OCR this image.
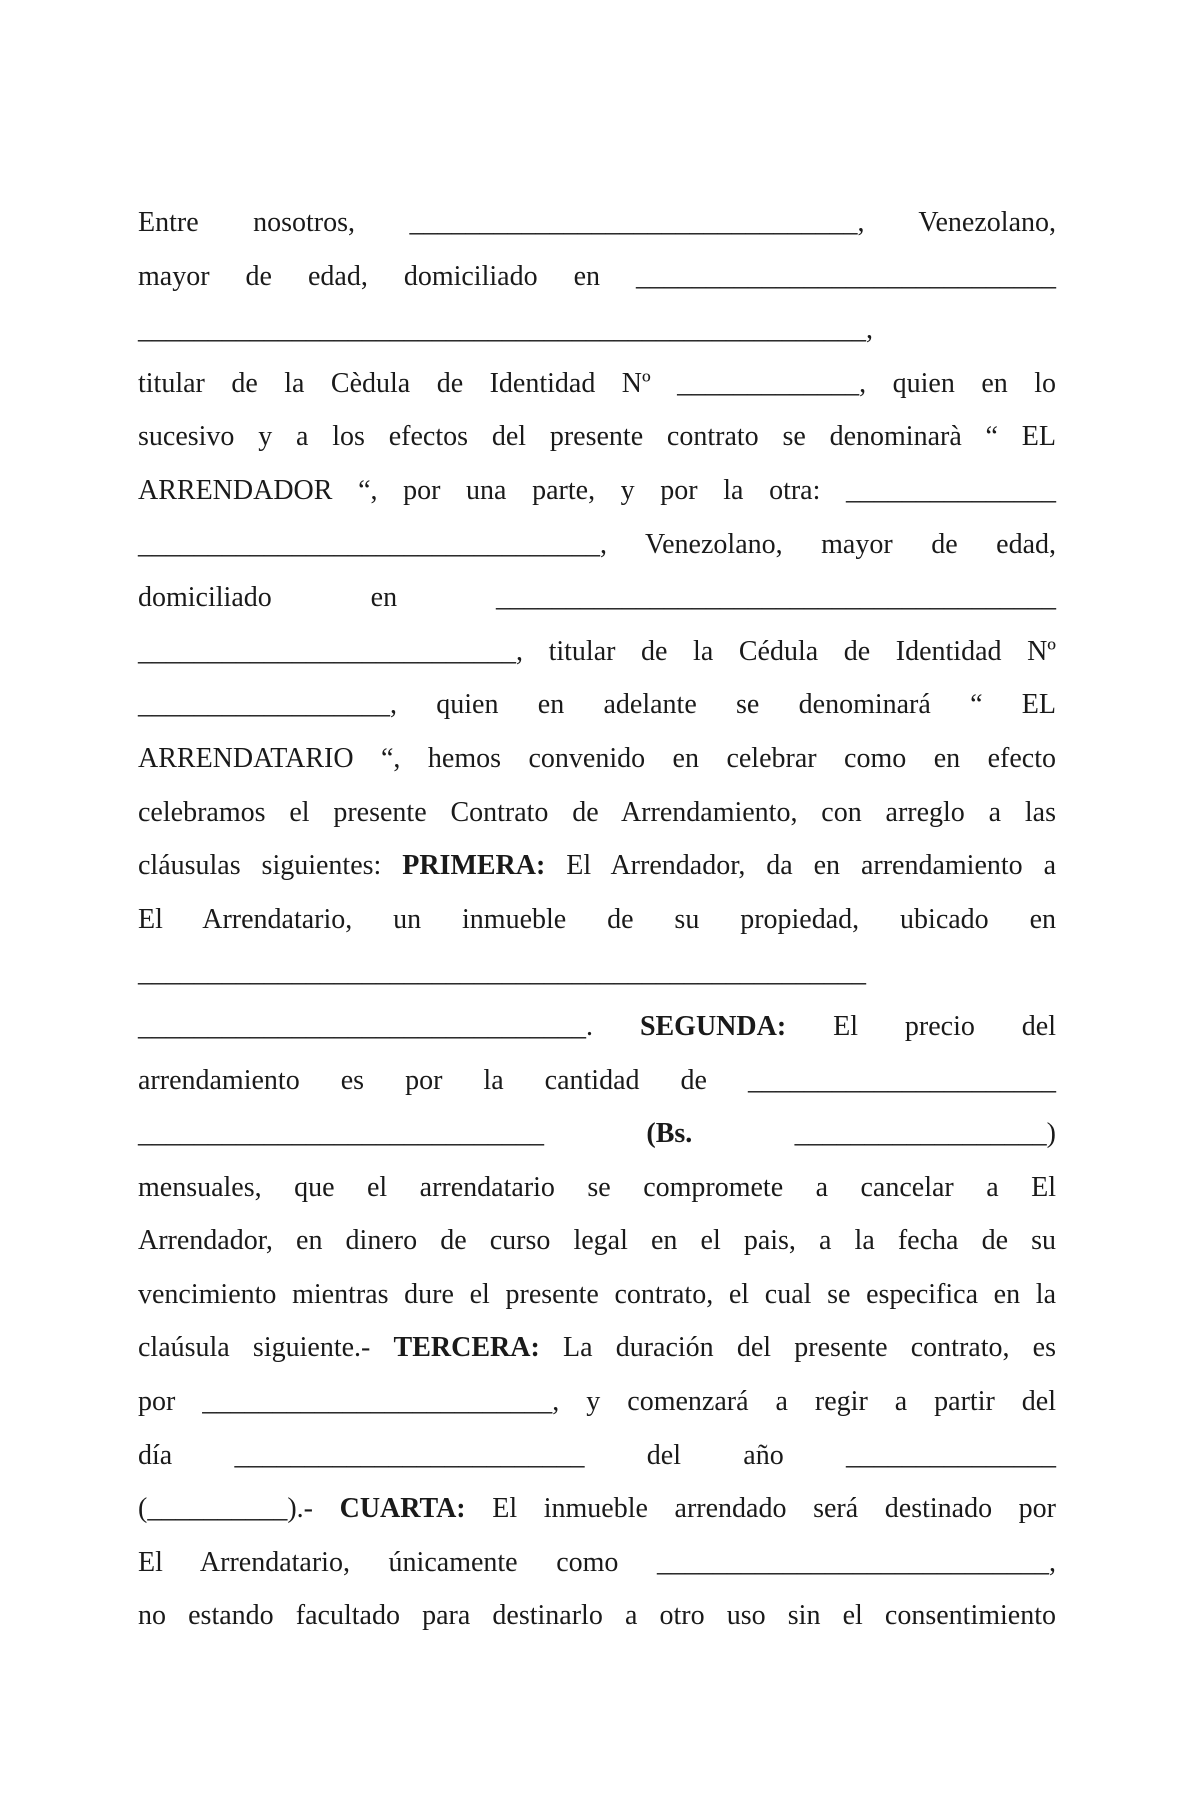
Entre nosotros, ________________________________, Venezolano,
mayor de edad, domiciliado en ______________________________
____________________________________________________,
titular de la Cèdula de Identidad Nº _____________, quien en lo
sucesivo y a los efectos del presente contrato se denominarà “ EL
ARRENDADOR “, por una parte, y por la otra: _______________
_________________________________, Venezolano, mayor de edad,
domiciliado en ________________________________________
___________________________, titular de la Cédula de Identidad Nº
__________________, quien en adelante se denominará “ EL
ARRENDATARIO “, hemos convenido en celebrar como en efecto
celebramos el presente Contrato de Arrendamiento, con arreglo a las
cláusulas siguientes: PRIMERA: El Arrendador, da en arrendamiento a
El Arrendatario, un inmueble de su propiedad, ubicado en
____________________________________________________
________________________________. SEGUNDA: El precio del
arrendamiento es por la cantidad de ______________________
_____________________________ (Bs. __________________)
mensuales, que el arrendatario se compromete a cancelar a El
Arrendador, en dinero de curso legal en el pais, a la fecha de su
vencimiento mientras dure el presente contrato, el cual se especifica en la
claúsula siguiente.- TERCERA: La duración del presente contrato, es
por _________________________, y comenzará a regir a partir del
día _________________________ del año _______________
(__________).- CUARTA: El inmueble arrendado será destinado por
El Arrendatario, únicamente como ____________________________,
no estando facultado para destinarlo a otro uso sin el consentimiento
